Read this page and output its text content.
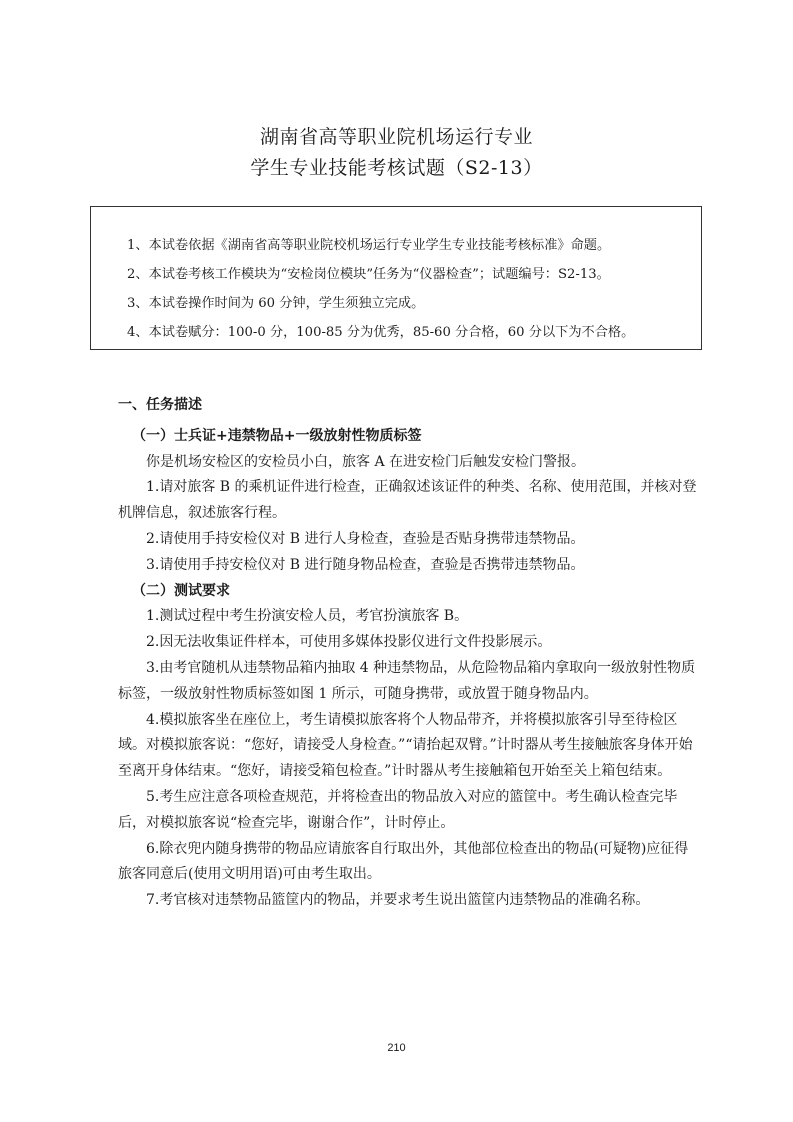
湖南省高等职业院机场运行专业
学生专业技能考核试题（S2-13）

1、本试卷依据《湖南省高等职业院校机场运行专业学生专业技能考核标准》命题。

2、本试卷考核工作模块为“安检岗位模块”任务为“仪器检查”；试题编号：S2-13。

3、本试卷操作时间为 60 分钟，学生须独立完成。

4、本试卷赋分：100-0 分，100-85 分为优秀，85-60 分合格，60 分以下为不合格。

一、任务描述

（一）士兵证+违禁物品+一级放射性物质标签

你是机场安检区的安检员小白，旅客 A 在进安检门后触发安检门警报。

1.请对旅客 B 的乘机证件进行检查，正确叙述该证件的种类、名称、使用范围，并核对登机牌信息，叙述旅客行程。

2.请使用手持安检仪对 B 进行人身检查，查验是否贴身携带违禁物品。

3.请使用手持安检仪对 B 进行随身物品检查，查验是否携带违禁物品。

（二）测试要求

1.测试过程中考生扮演安检人员，考官扮演旅客 B。

2.因无法收集证件样本，可使用多媒体投影仪进行文件投影展示。

3.由考官随机从违禁物品箱内抽取 4 种违禁物品，从危险物品箱内拿取向一级放射性物质标签，一级放射性物质标签如图 1 所示，可随身携带，或放置于随身物品内。

4.模拟旅客坐在座位上，考生请模拟旅客将个人物品带齐，并将模拟旅客引导至待检区域。对模拟旅客说：“您好，请接受人身检查。”“请抬起双臂。”计时器从考生接触旅客身体开始至离开身体结束。“您好，请接受箱包检查。”计时器从考生接触箱包开始至关上箱包结束。

5.考生应注意各项检查规范，并将检查出的物品放入对应的篮筐中。考生确认检查完毕后，对模拟旅客说“检查完毕，谢谢合作”，计时停止。

6.除衣兜内随身携带的物品应请旅客自行取出外，其他部位检查出的物品(可疑物)应征得旅客同意后(使用文明用语)可由考生取出。

7.考官核对违禁物品篮筐内的物品，并要求考生说出篮筐内违禁物品的准确名称。

210
